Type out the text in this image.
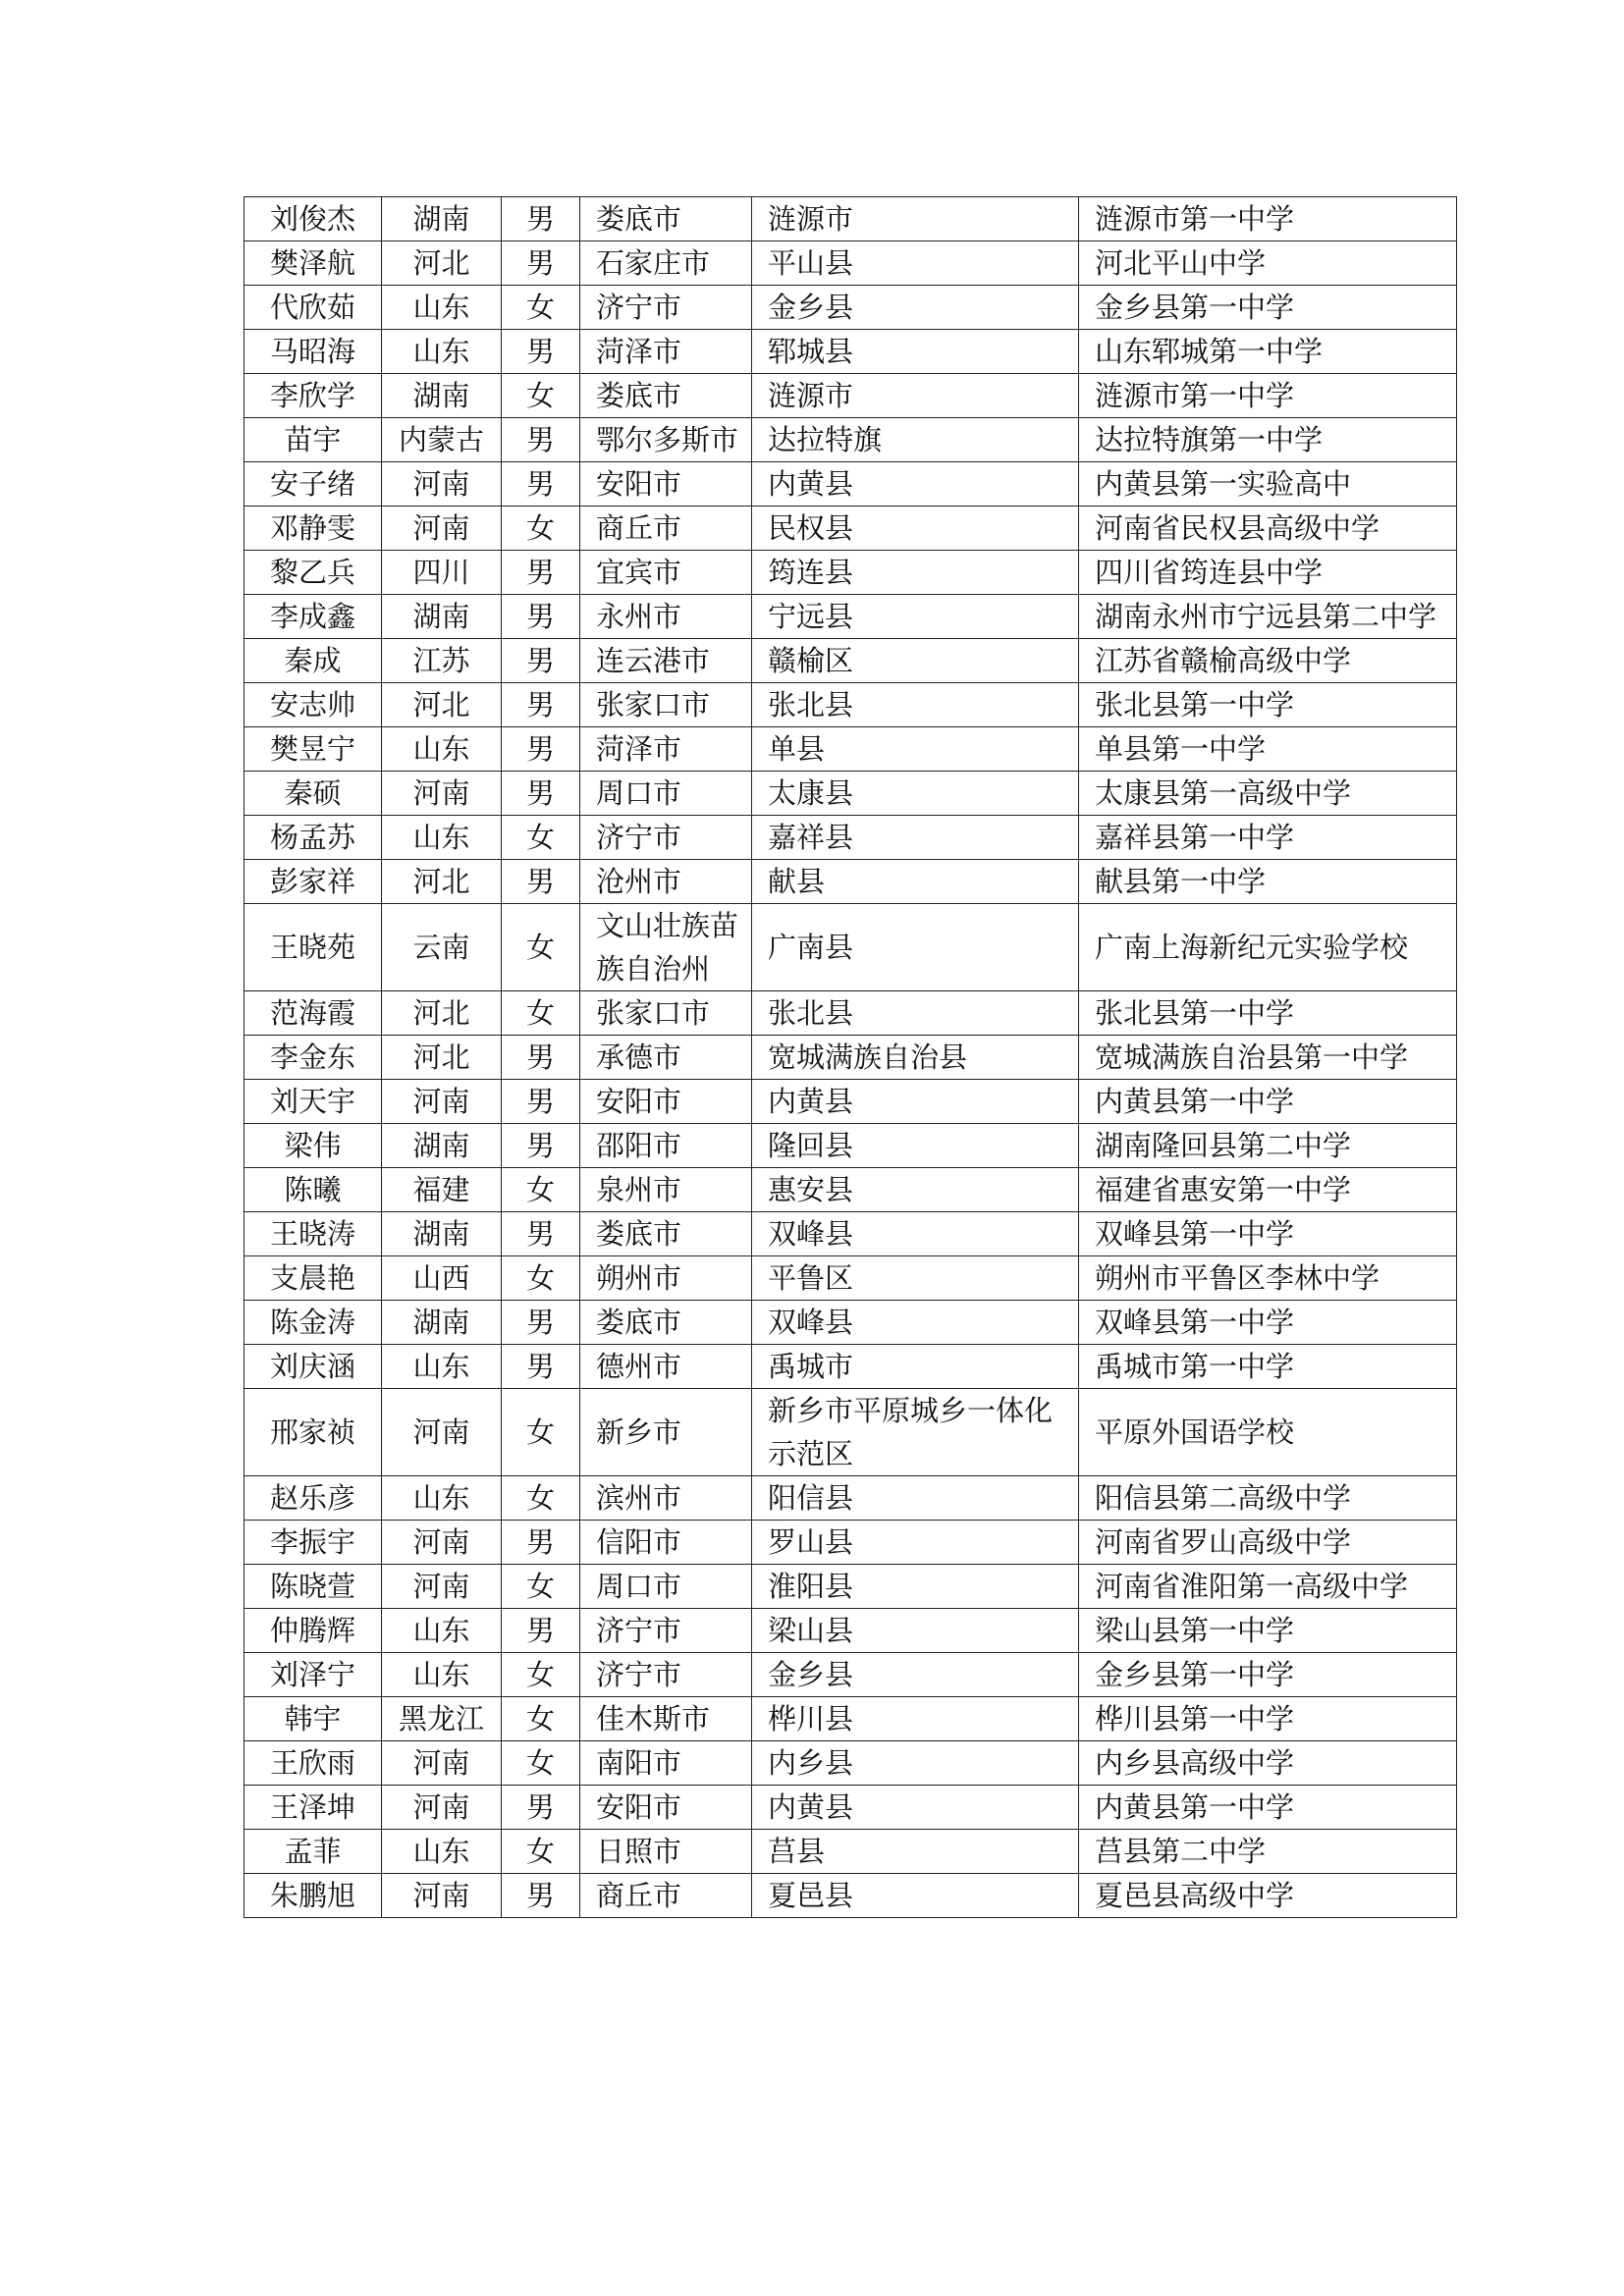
刘俊杰	湖南	男	娄底市	涟源市	涟源市第一中学
樊泽航	河北	男	石家庄市	平山县	河北平山中学
代欣茹	山东	女	济宁市	金乡县	金乡县第一中学
马昭海	山东	男	菏泽市	郓城县	山东郓城第一中学
李欣学	湖南	女	娄底市	涟源市	涟源市第一中学
苗宇	内蒙古	男	鄂尔多斯市	达拉特旗	达拉特旗第一中学
安子绪	河南	男	安阳市	内黄县	内黄县第一实验高中
邓静雯	河南	女	商丘市	民权县	河南省民权县高级中学
黎乙兵	四川	男	宜宾市	筠连县	四川省筠连县中学
李成鑫	湖南	男	永州市	宁远县	湖南永州市宁远县第二中学
秦成	江苏	男	连云港市	赣榆区	江苏省赣榆高级中学
安志帅	河北	男	张家口市	张北县	张北县第一中学
樊昱宁	山东	男	菏泽市	单县	单县第一中学
秦硕	河南	男	周口市	太康县	太康县第一高级中学
杨孟苏	山东	女	济宁市	嘉祥县	嘉祥县第一中学
彭家祥	河北	男	沧州市	献县	献县第一中学
王晓苑	云南	女	文山壮族苗族自治州	广南县	广南上海新纪元实验学校
范海霞	河北	女	张家口市	张北县	张北县第一中学
李金东	河北	男	承德市	宽城满族自治县	宽城满族自治县第一中学
刘天宇	河南	男	安阳市	内黄县	内黄县第一中学
梁伟	湖南	男	邵阳市	隆回县	湖南隆回县第二中学
陈曦	福建	女	泉州市	惠安县	福建省惠安第一中学
王晓涛	湖南	男	娄底市	双峰县	双峰县第一中学
支晨艳	山西	女	朔州市	平鲁区	朔州市平鲁区李林中学
陈金涛	湖南	男	娄底市	双峰县	双峰县第一中学
刘庆涵	山东	男	德州市	禹城市	禹城市第一中学
邢家祯	河南	女	新乡市	新乡市平原城乡一体化示范区	平原外国语学校
赵乐彦	山东	女	滨州市	阳信县	阳信县第二高级中学
李振宇	河南	男	信阳市	罗山县	河南省罗山高级中学
陈晓萱	河南	女	周口市	淮阳县	河南省淮阳第一高级中学
仲腾辉	山东	男	济宁市	梁山县	梁山县第一中学
刘泽宁	山东	女	济宁市	金乡县	金乡县第一中学
韩宇	黑龙江	女	佳木斯市	桦川县	桦川县第一中学
王欣雨	河南	女	南阳市	内乡县	内乡县高级中学
王泽坤	河南	男	安阳市	内黄县	内黄县第一中学
孟菲	山东	女	日照市	莒县	莒县第二中学
朱鹏旭	河南	男	商丘市	夏邑县	夏邑县高级中学
